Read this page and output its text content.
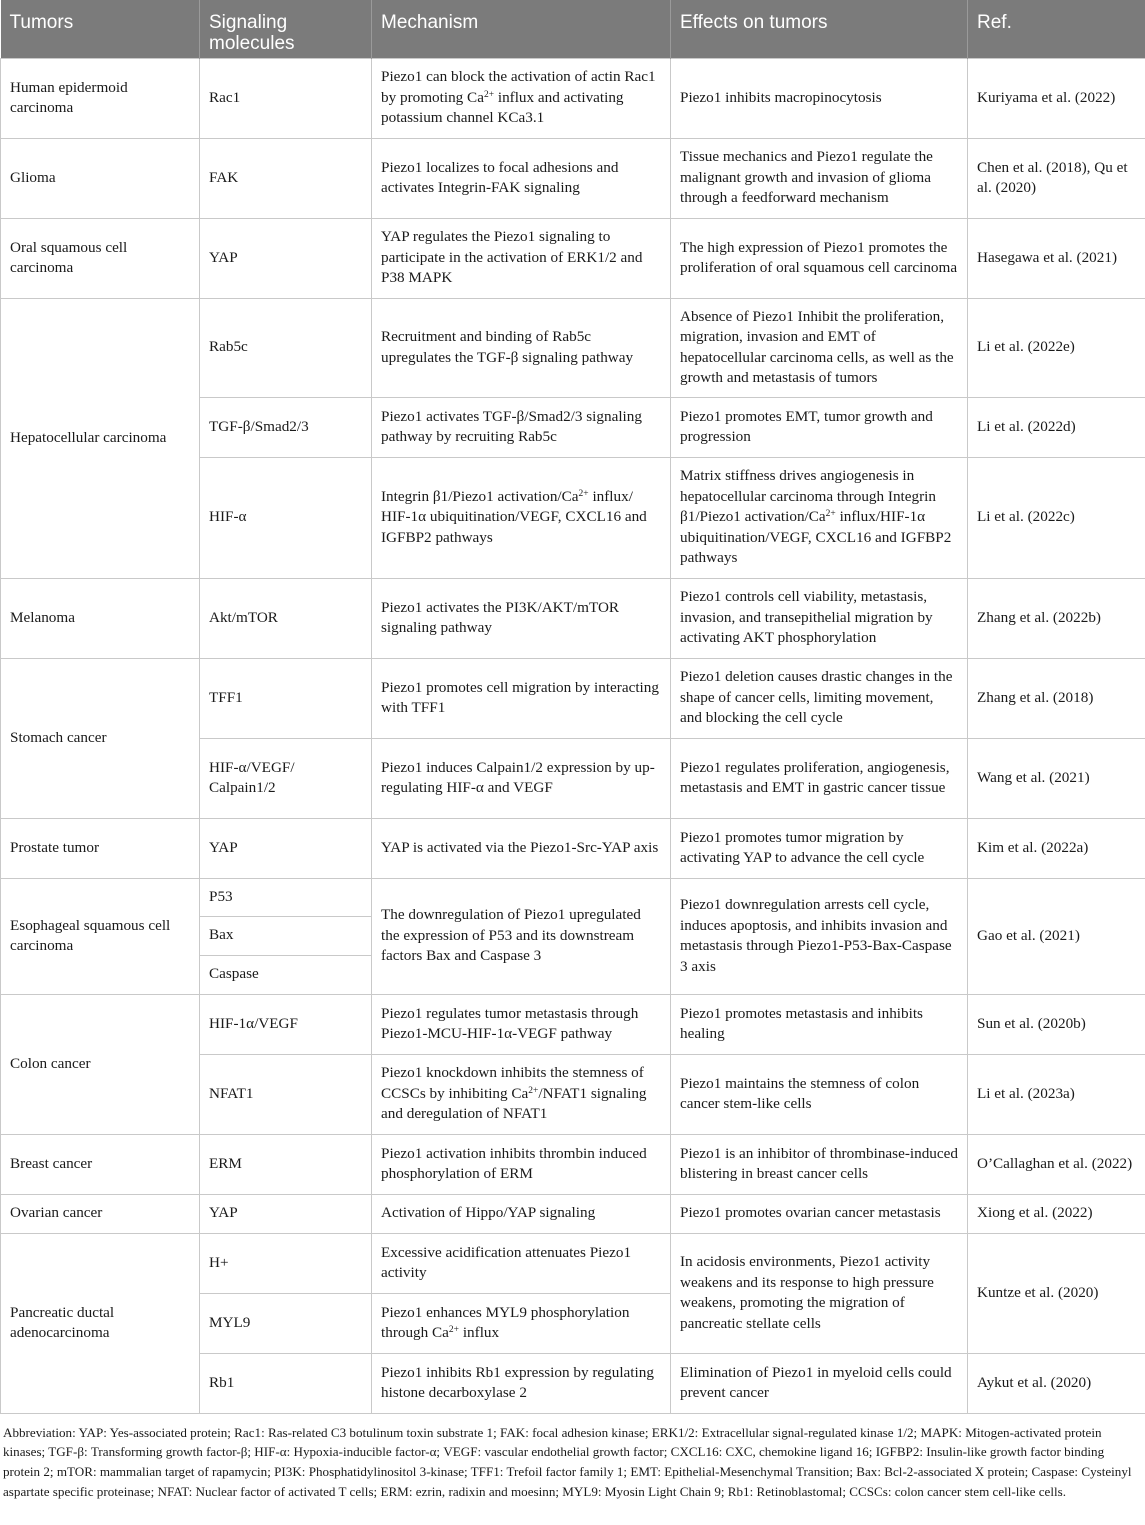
Tumors	Signaling molecules	Mechanism	Effects on tumors	Ref.
Human epidermoid carcinoma	Rac1	Piezo1 can block the activation of actin Rac1 by promoting $Ca^{2+}$ influx and activating potassium channel KCa3.1	Piezo1 inhibits macropinocytosis	Kuriyama et al. (2022)
Glioma	FAK	Piezo1 localizes to focal adhesions and activates Integrin-FAK signaling	Tissue mechanics and Piezo1 regulate the malignant growth and invasion of glioma through a feedforward mechanism	Chen et al. (2018), Qu et al. (2020)
Oral squamous cell carcinoma	YAP	YAP regulates the Piezo1 signaling to participate in the activation of ERK1/2 and P38 MAPK	The high expression of Piezo1 promotes the proliferation of oral squamous cell carcinoma	Hasegawa et al. (2021)
Hepatocellular carcinoma	Rab5c	Recruitment and binding of Rab5c upregulates the TGF-β signaling pathway	Absence of Piezo1 Inhibit the proliferation, migration, invasion and EMT of hepatocellular carcinoma cells, as well as the growth and metastasis of tumors	Li et al. (2022e)
	TGF-β/Smad2/3	Piezo1 activates TGF-β/Smad2/3 signaling pathway by recruiting Rab5c	Piezo1 promotes EMT, tumor growth and progression	Li et al. (2022d)
	HIF-α	Integrin β1/Piezo1 activation/$Ca^{2+}$ influx/ HIF-1α ubiquitination/VEGF, CXCL16 and IGFBP2 pathways	Matrix stiffness drives angiogenesis in hepatocellular carcinoma through Integrin β1/Piezo1 activation/$Ca^{2+}$ influx/HIF-1α ubiquitination/VEGF, CXCL16 and IGFBP2 pathways	Li et al. (2022c)
Melanoma	Akt/mTOR	Piezo1 activates the PI3K/AKT/mTOR signaling pathway	Piezo1 controls cell viability, metastasis, invasion, and transepithelial migration by activating AKT phosphorylation	Zhang et al. (2022b)
Stomach cancer	TFF1	Piezo1 promotes cell migration by interacting with TFF1	Piezo1 deletion causes drastic changes in the shape of cancer cells, limiting movement, and blocking the cell cycle	Zhang et al. (2018)
	HIF-α/VEGF/ Calpain1/2	Piezo1 induces Calpain1/2 expression by up-regulating HIF-α and VEGF	Piezo1 regulates proliferation, angiogenesis, metastasis and EMT in gastric cancer tissue	Wang et al. (2021)
Prostate tumor	YAP	YAP is activated via the Piezo1-Src-YAP axis	Piezo1 promotes tumor migration by activating YAP to advance the cell cycle	Kim et al. (2022a)
Esophageal squamous cell carcinoma	P53	The downregulation of Piezo1 upregulated the expression of P53 and its downstream factors Bax and Caspase 3	Piezo1 downregulation arrests cell cycle, induces apoptosis, and inhibits invasion and metastasis through Piezo1-P53-Bax-Caspase 3 axis	Gao et al. (2021)
	Bax			
	Caspase			
Colon cancer	HIF-1α/VEGF	Piezo1 regulates tumor metastasis through Piezo1-MCU-HIF-1α-VEGF pathway	Piezo1 promotes metastasis and inhibits healing	Sun et al. (2020b)
	NFAT1	Piezo1 knockdown inhibits the stemness of CCSCs by inhibiting $Ca^{2+}/NFAT1$ signaling and deregulation of NFAT1	Piezo1 maintains the stemness of colon cancer stem-like cells	Li et al. (2023a)
Breast cancer	ERM	Piezo1 activation inhibits thrombin induced phosphorylation of ERM	Piezo1 is an inhibitor of thrombinase-induced blistering in breast cancer cells	O’Callaghan et al. (2022)
Ovarian cancer	YAP	Activation of Hippo/YAP signaling	Piezo1 promotes ovarian cancer metastasis	Xiong et al. (2022)
Pancreatic ductal adenocarcinoma	H+	Excessive acidification attenuates Piezo1 activity	In acidosis environments, Piezo1 activity weakens and its response to high pressure weakens, promoting the migration of pancreatic stellate cells	Kuntze et al. (2020)
	MYL9	Piezo1 enhances MYL9 phosphorylation through $Ca^{2+}$ influx		
	Rb1	Piezo1 inhibits Rb1 expression by regulating histone decarboxylase 2	Elimination of Piezo1 in myeloid cells could prevent cancer	Aykut et al. (2020)
Abbreviation: YAP: Yes-associated protein; Rac1: Ras-related C3 botulinum toxin substrate 1; FAK: focal adhesion kinase; ERK1/2: Extracellular signal-regulated kinase 1/2; MAPK: Mitogen-activated protein kinases; TGF-β: Transforming growth factor-β; HIF-α: Hypoxia-inducible factor-α; VEGF: vascular endothelial growth factor; CXCL16: CXC, chemokine ligand 16; IGFBP2: Insulin-like growth factor binding protein 2; mTOR: mammalian target of rapamycin; PI3K: Phosphatidylinositol 3-kinase; TFF1: Trefoil factor family 1; EMT: Epithelial-Mesenchymal Transition; Bax: Bcl-2-associated X protein; Caspase: Cysteinyl aspartate specific proteinase; NFAT: Nuclear factor of activated T cells; ERM: ezrin, radixin and moesinn; MYL9: Myosin Light Chain 9; Rb1: Retinoblastomal; CCSCs: colon cancer stem cell-like cells.
